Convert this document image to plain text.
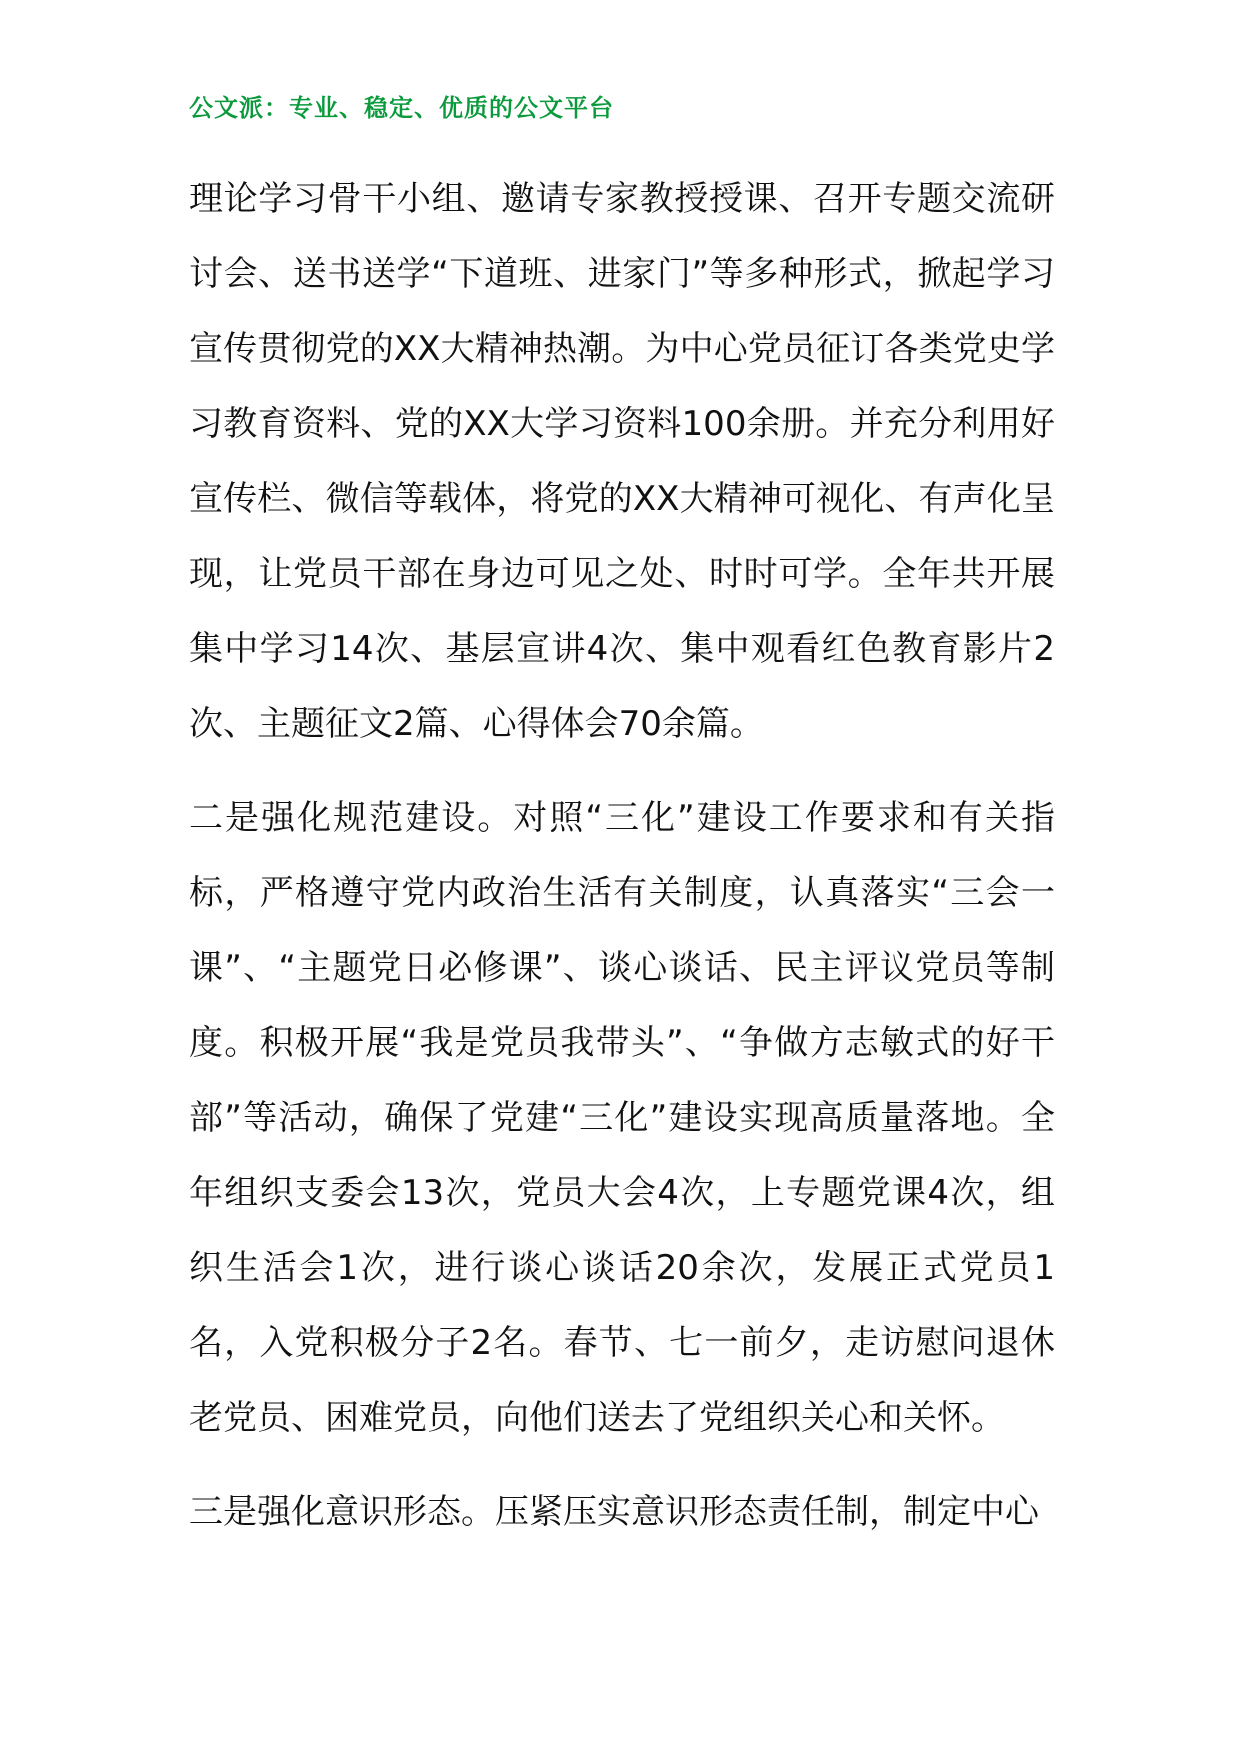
公文派：专业、稳定、优质的公文平台

理论学习骨干小组、邀请专家教授授课、召开专题交流研讨会、送书送学“下道班、进家门”等多种形式，掀起学习宣传贯彻党的XX大精神热潮。为中心党员征订各类党史学习教育资料、党的XX大学习资料100余册。并充分利用好宣传栏、微信等载体，将党的XX大精神可视化、有声化呈现，让党员干部在身边可见之处、时时可学。全年共开展集中学习14次、基层宣讲4次、集中观看红色教育影片2次、主题征文2篇、心得体会70余篇。

二是强化规范建设。对照“三化”建设工作要求和有关指标，严格遵守党内政治生活有关制度，认真落实“三会一课”、“主题党日必修课”、谈心谈话、民主评议党员等制度。积极开展“我是党员我带头”、“争做方志敏式的好干部”等活动，确保了党建“三化”建设实现高质量落地。全年组织支委会13次，党员大会4次，上专题党课4次，组织生活会1次，进行谈心谈话20余次，发展正式党员1名，入党积极分子2名。春节、七一前夕，走访慰问退休老党员、困难党员，向他们送去了党组织关心和关怀。

三是强化意识形态。压紧压实意识形态责任制，制定中心
